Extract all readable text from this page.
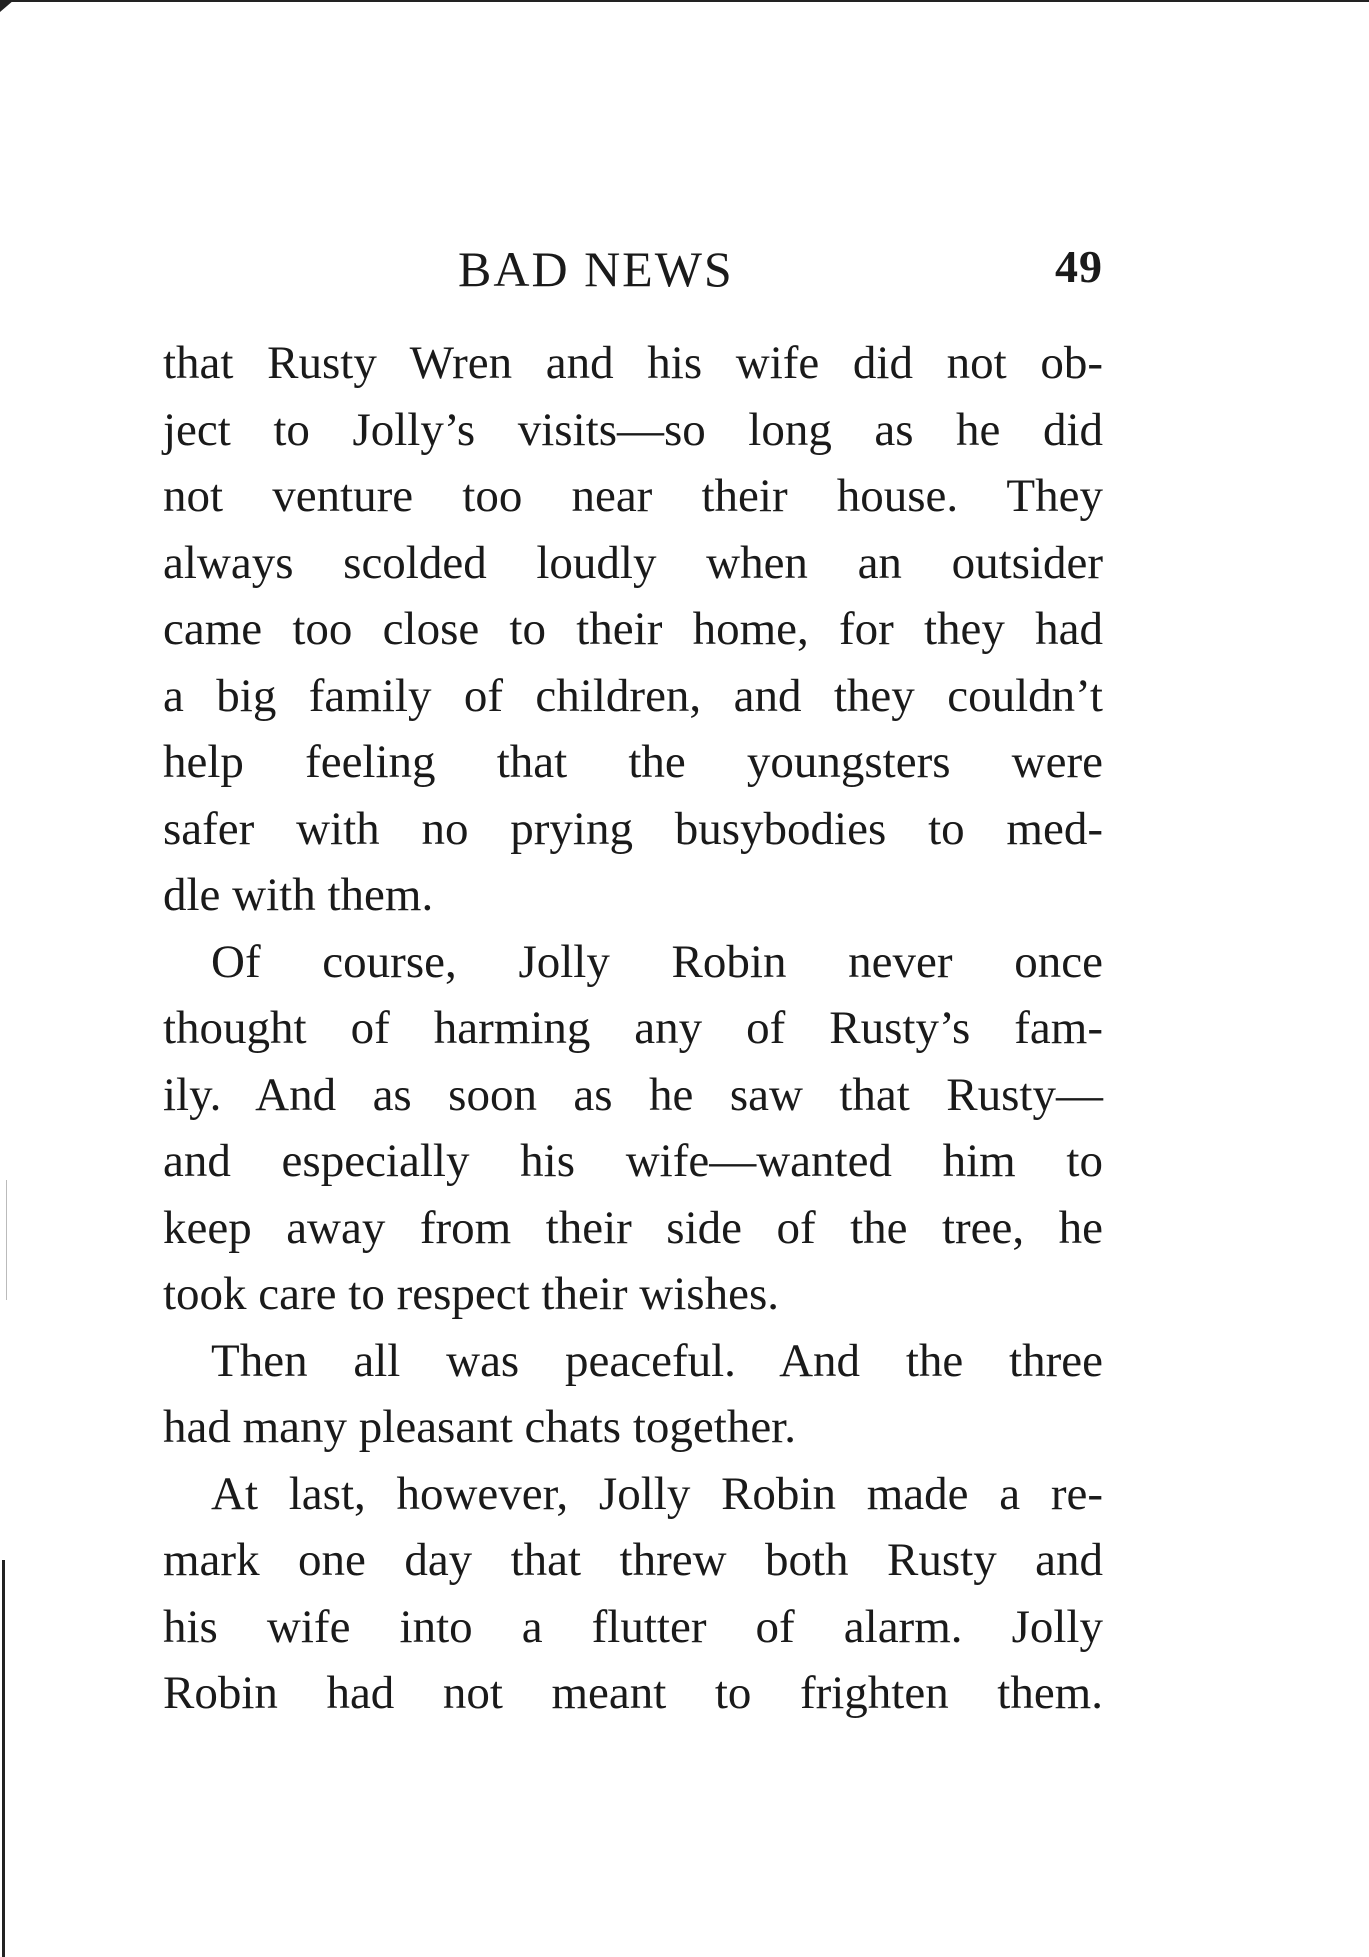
BAD NEWS	49
that Rusty Wren and his wife did not ob-
ject to Jolly’s visits—so long as he did
not venture too near their house. They
always scolded loudly when an outsider
came too close to their home, for they had
a big family of children, and they couldn’t
help feeling that the youngsters were
safer with no prying busybodies to med-
dle with them.
Of course, Jolly Robin never once
thought of harming any of Rusty’s fam-
ily. And as soon as he saw that Rusty—
and especially his wife—wanted him to
keep away from their side of the tree, he
took care to respect their wishes.
Then all was peaceful. And the three
had many pleasant chats together.
At last, however, Jolly Robin made a re-
mark one day that threw both Rusty and
his wife into a flutter of alarm. Jolly
Robin had not meant to frighten them.
